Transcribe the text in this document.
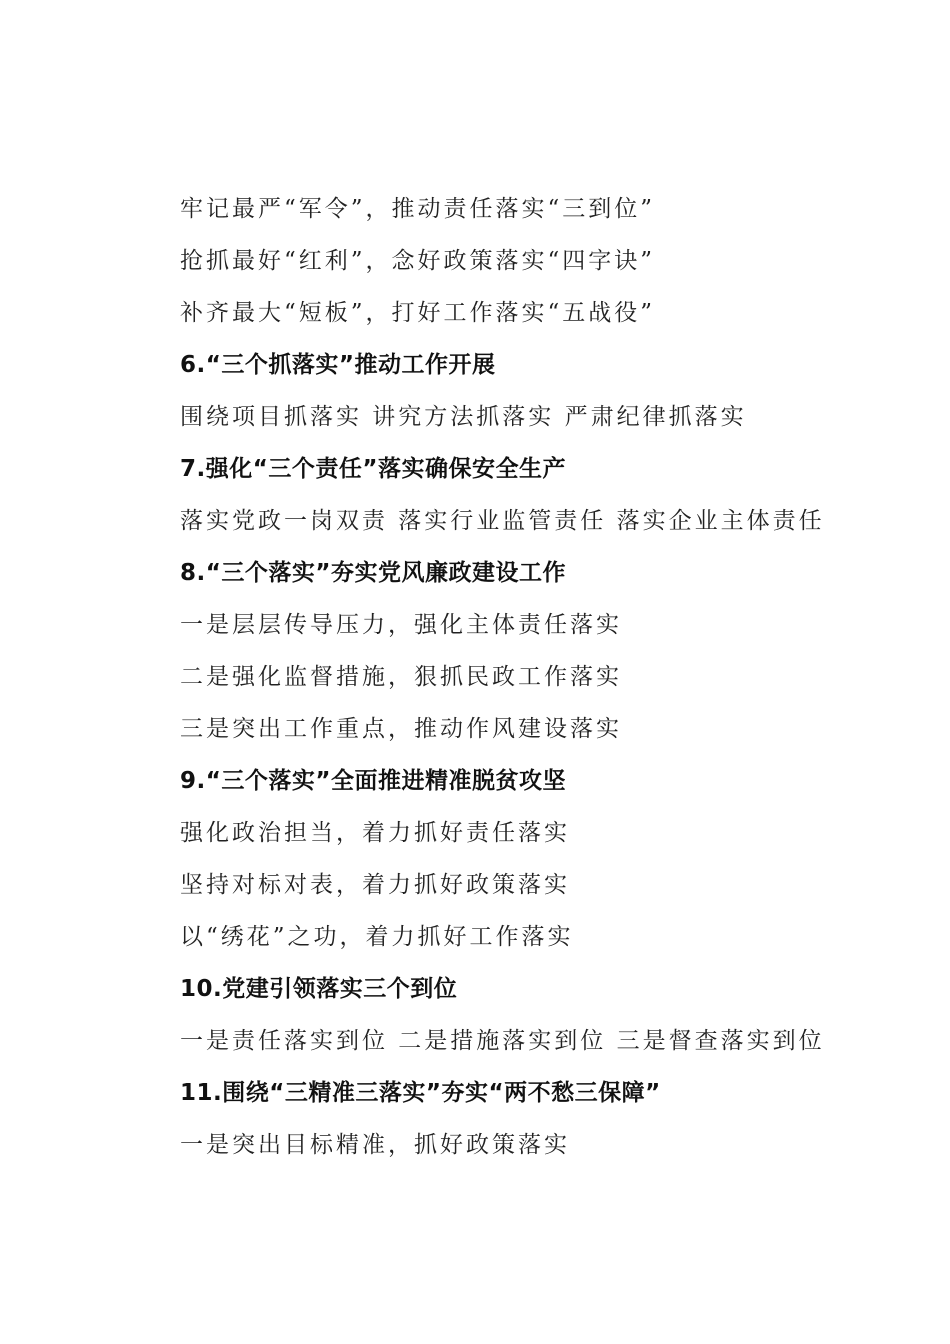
牢记最严“军令”，推动责任落实“三到位”
抢抓最好“红利”，念好政策落实“四字诀”
补齐最大“短板”，打好工作落实“五战役”
6.“三个抓落实”推动工作开展
围绕项目抓落实 讲究方法抓落实 严肃纪律抓落实
7.强化“三个责任”落实确保安全生产
落实党政一岗双责 落实行业监管责任 落实企业主体责任
8.“三个落实”夯实党风廉政建设工作
一是层层传导压力，强化主体责任落实
二是强化监督措施，狠抓民政工作落实
三是突出工作重点，推动作风建设落实
9.“三个落实”全面推进精准脱贫攻坚
强化政治担当，着力抓好责任落实
坚持对标对表，着力抓好政策落实
以“绣花”之功，着力抓好工作落实
10.党建引领落实三个到位
一是责任落实到位 二是措施落实到位 三是督查落实到位
11.围绕“三精准三落实”夯实“两不愁三保障”
一是突出目标精准，抓好政策落实
